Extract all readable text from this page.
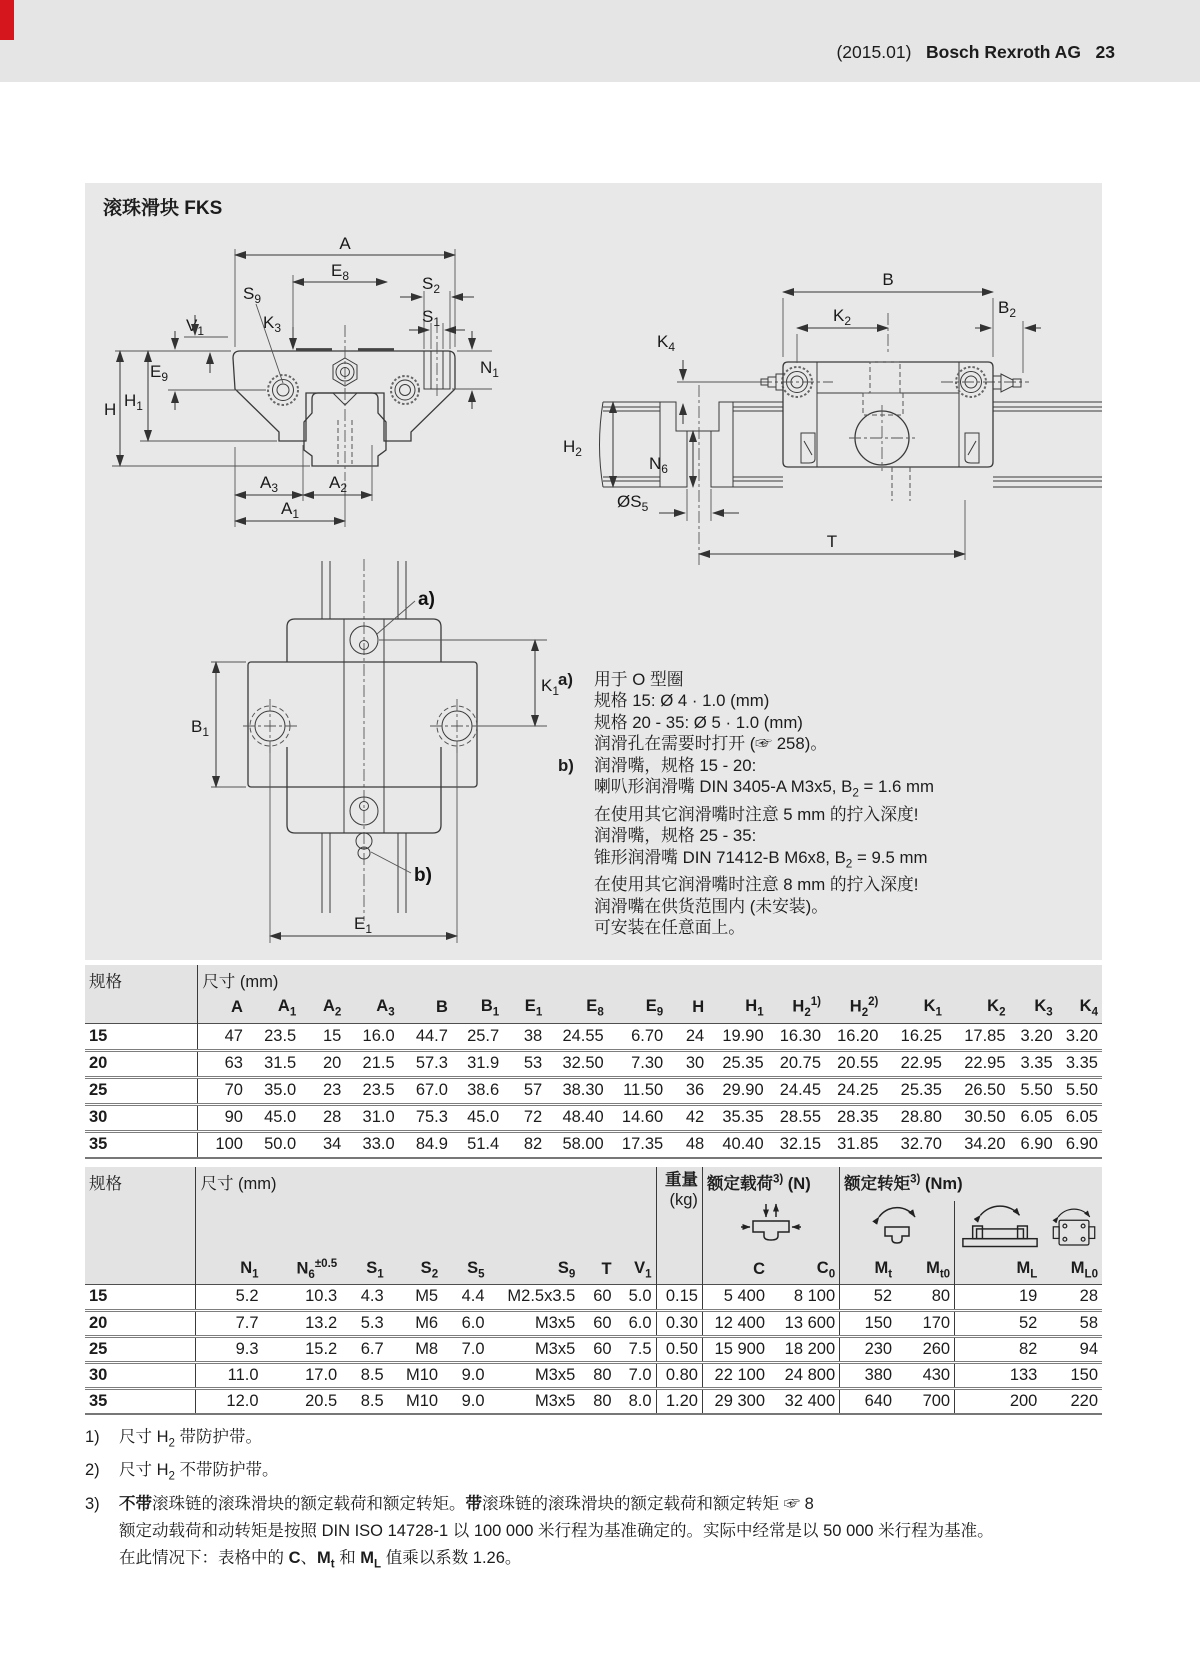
(2015.01) Bosch Rexroth AG 23
滚珠滑块 FKS
A
$E_8$	$S_2$
$S_1$
$S_9$
$K_3$
$V_1$
$E_9$
$H_1$
H
$N_1$
$A_3$	$A_2$
$A_1$
B
$K_2$
$B_2$
$K_4$
$H_2$
$N_6$
$ØS_5$
T
a)
b)
$B_1$
$K_1$
$E_1$
a)	用于 O 型圈
规格 15: Ø 4 · 1.0 (mm)
规格 20 - 35: Ø 5 · 1.0 (mm)
润滑孔在需要时打开 (☞ 258)。
b)	润滑嘴，规格 15 - 20:
喇叭形润滑嘴 DIN 3405-A M3x5, $B_2 = 1.6$ mm
在使用其它润滑嘴时注意 5 mm 的拧入深度!
润滑嘴，规格 25 - 35:
锥形润滑嘴 DIN 71412-B M6x8, $B_2 = 9.5$ mm
在使用其它润滑嘴时注意 8 mm 的拧入深度!
润滑嘴在供货范围内 (未安装)。
可安装在任意面上。
规格	尺寸 (mm)																
	A	$A_1$	$A_2$	$A_3$	B	$B_1$	$E_1$	$E_8$	$E_9$	H	$H_1$	$H_2^{1)}$	$H_2^{2)}$	$K_1$	$K_2$	$K_3$	$K_4$
15	47	23.5	15	16.0	44.7	25.7	38	24.55	6.70	24	19.90	16.30	16.20	16.25	17.85	3.20	3.20
20	63	31.5	20	21.5	57.3	31.9	53	32.50	7.30	30	25.35	20.75	20.55	22.95	22.95	3.35	3.35
25	70	35.0	23	23.5	67.0	38.6	57	38.30	11.50	36	29.90	24.45	24.25	25.35	26.50	5.50	5.50
30	90	45.0	28	31.0	75.3	45.0	72	48.40	14.60	42	35.35	28.55	28.35	28.80	30.50	6.05	6.05
35	100	50.0	34	33.0	84.9	51.4	82	58.00	17.35	48	40.40	32.15	31.85	32.70	34.20	6.90	6.90
规格	尺寸 (mm)								重量
(kg)	额定载荷$^{3)}$ (N)		额定转矩$^{3)}$ (Nm)			

	$N_1$	$N_6^{\pm 0.5}$	$S_1$	$S_2$	$S_5$	$S_9$	T	$V_1$		C	$C_0$	$M_t$	$M_{t0}$	$M_L$	$M_{L0}$
15	5.2	10.3	4.3	M5	4.4	M2.5x3.5	60	5.0	0.15	5 400	8 100	52	80	19	28
20	7.7	13.2	5.3	M6	6.0	M3x5	60	6.0	0.30	12 400	13 600	150	170	52	58
25	9.3	15.2	6.7	M8	7.0	M3x5	60	7.5	0.50	15 900	18 200	230	260	82	94
30	11.0	17.0	8.5	M10	9.0	M3x5	80	7.0	0.80	22 100	24 800	380	430	133	150
35	12.0	20.5	8.5	M10	9.0	M3x5	80	8.0	1.20	29 300	32 400	640	700	200	220
1)	尺寸 $H_2$ 带防护带。
2)	尺寸 $H_2$ 不带防护带。
3)	不带滚珠链的滚珠滑块的额定载荷和额定转矩。带滚珠链的滚珠滑块的额定载荷和额定转矩 ☞ 8
额定动载荷和动转矩是按照 DIN ISO 14728-1 以 100 000 米行程为基准确定的。实际中经常是以 50 000 米行程为基准。
在此情况下：表格中的 C、$M_t$ 和 $M_L$ 值乘以系数 1.26。
